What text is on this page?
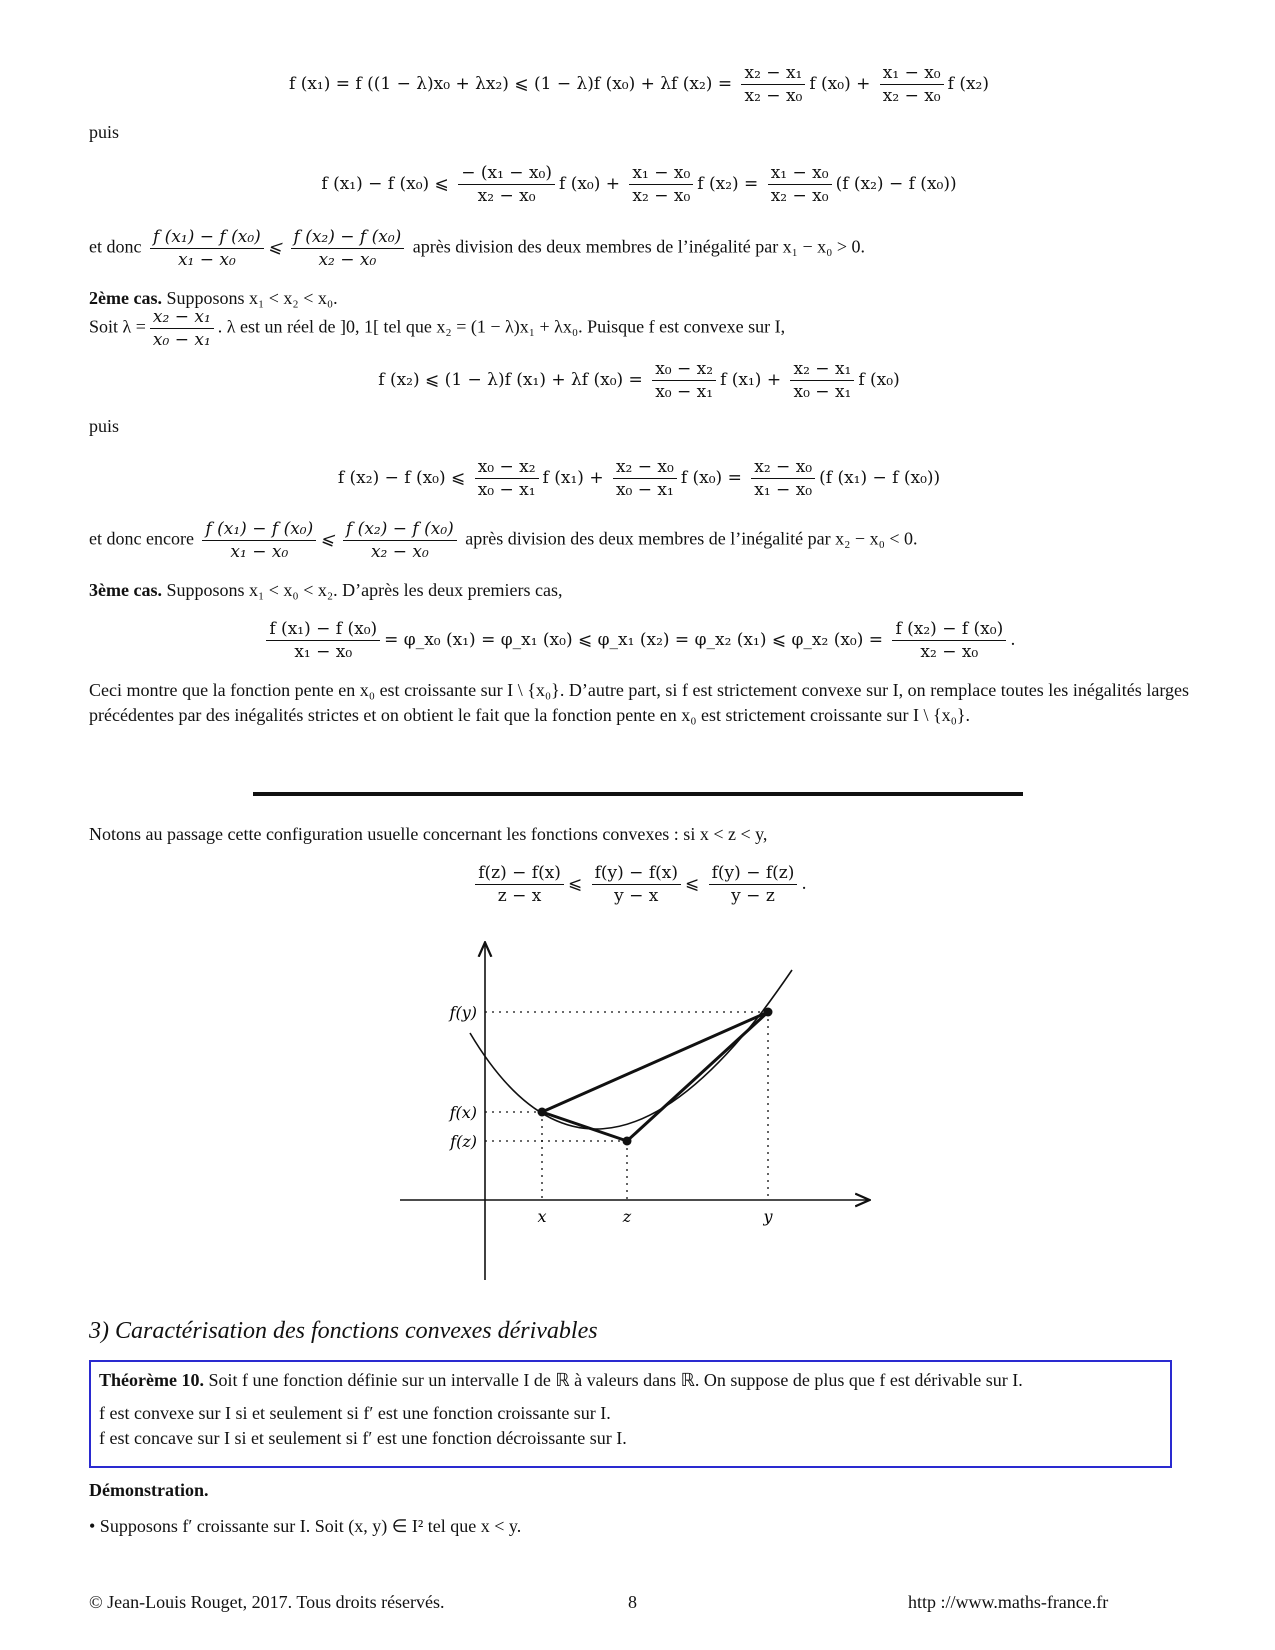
f (x₁) = f ((1 − λ)x₀ + λx₂) ⩽ (1 − λ)f (x₀) + λf $(x_2) = \frac{\text{x₂ − x₁}}{\text{x₂ − x₀}}$ f $(x_0) + \frac{\text{x₁ − x₀}}{\text{x₂ − x₀}}$ f (x₂)
puis
f (x₁) − f (x₀) ⩽ $\frac{\text{− (x₁ − x₀)}}{\text{x₂ − x₀}}$ f $(x_0) + \frac{\text{x₁ − x₀}}{\text{x₂ − x₀}}$ f $(x_2) = \frac{\text{x₁ − x₀}}{\text{x₂ − x₀}} (f$ (x₂) − f (x₀))
et donc $\frac{\text{f (x₁) − f (x₀)}}{\text{x₁ − x₀}}$ ⩽ $\frac{\text{f (x₂) − f (x₀)}}{\text{x₂ − x₀}}$ après division des deux membres de l’inégalité par x₁ − x₀ > 0.
2ème cas. Supposons x₁ < x₂ < x₀.
Soit $\lambda = \frac{\text{x₂ − x₁}}{\text{x₀ − x₁}}$ . λ est un réel de ]0, 1[ tel que x₂ = (1 − λ)x₁ + λx₀. Puisque f est convexe sur I,
f (x₂) ⩽ (1 − λ)f (x₁) + λf $(x_0) = \frac{\text{x₀ − x₂}}{\text{x₀ − x₁}}$ f $(x_1) + \frac{\text{x₂ − x₁}}{\text{x₀ − x₁}}$ f (x₀)
puis
f (x₂) − f (x₀) ⩽ $\frac{\text{x₀ − x₂}}{\text{x₀ − x₁}}$ f $(x_1) + \frac{\text{x₂ − x₀}}{\text{x₀ − x₁}}$ f $(x_0) = \frac{\text{x₂ − x₀}}{\text{x₁ − x₀}} (f$ (x₁) − f (x₀))
et donc encore $\frac{\text{f (x₁) − f (x₀)}}{\text{x₁ − x₀}}$ ⩽ $\frac{\text{f (x₂) − f (x₀)}}{\text{x₂ − x₀}}$ après division des deux membres de l’inégalité par x₂ − x₀ < 0.
3ème cas. Supposons x₁ < x₀ < x₂. D’après les deux premiers cas,
$\frac{\text{f (x₁) − f (x₀)}}{\text{x₁ − x₀}}$ = φ_x₀ (x₁) = φ_x₁ (x₀) ⩽ φ_x₁ (x₂) = φ_x₂ (x₁) ⩽ φ_x₂ $(x_0) = \frac{\text{f (x₂) − f (x₀)}}{\text{x₂ − x₀}}$ .
Ceci montre que la fonction pente en x₀ est croissante sur I \ {x₀}. D’autre part, si f est strictement convexe sur I, on remplace toutes les inégalités larges précédentes par des inégalités strictes et on obtient le fait que la fonction pente en x₀ est strictement croissante sur I \ {x₀}.
Notons au passage cette configuration usuelle concernant les fonctions convexes : si x < z < y,
$\frac{f(z) - f(x)}{z - x}$ ⩽ $\frac{f(y) - f(x)}{y - x}$ ⩽ $\frac{f(y) - f(z)}{y - z}$ .
f(y)
f(x)
f(z)
x	z	y
3) Caractérisation des fonctions convexes dérivables
Théorème 10. Soit f une fonction définie sur un intervalle I de ℝ à valeurs dans ℝ. On suppose de plus que f est dérivable sur I.
f est convexe sur I si et seulement si f′ est une fonction croissante sur I.
f est concave sur I si et seulement si f′ est une fonction décroissante sur I.
Démonstration.
• Supposons f′ croissante sur I. Soit (x, y) ∈ I² tel que x < y.
© Jean-Louis Rouget, 2017. Tous droits réservés.	8	http ://www.maths-france.fr
